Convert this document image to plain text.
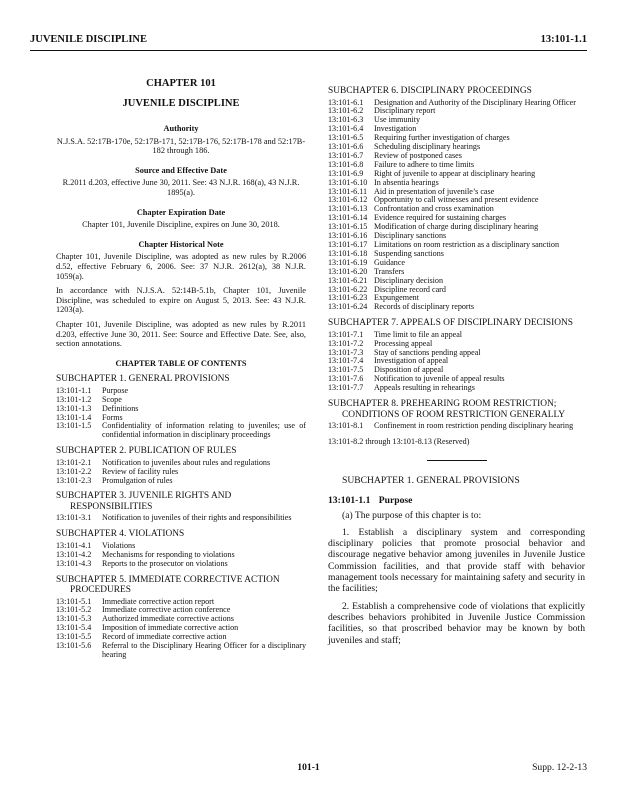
JUVENILE DISCIPLINE	13:101-1.1
CHAPTER 101
JUVENILE DISCIPLINE
Authority

N.J.S.A. 52:17B-170e, 52:17B-171, 52:17B-176, 52:17B-178 and 52:17B-182 through 186.

Source and Effective Date

R.2011 d.203, effective June 30, 2011. See: 43 N.J.R. 168(a), 43 N.J.R. 1895(a).

Chapter Expiration Date

Chapter 101, Juvenile Discipline, expires on June 30, 2018.

Chapter Historical Note

Chapter 101, Juvenile Discipline, was adopted as new rules by R.2006 d.52, effective February 6, 2006. See: 37 N.J.R. 2612(a), 38 N.J.R. 1059(a).

In accordance with N.J.S.A. 52:14B-5.1b, Chapter 101, Juvenile Discipline, was scheduled to expire on August 5, 2013. See: 43 N.J.R. 1203(a).

Chapter 101, Juvenile Discipline, was adopted as new rules by R.2011 d.203, effective June 30, 2011. See: Source and Effective Date. See, also, section annotations.

CHAPTER TABLE OF CONTENTS
SUBCHAPTER 1. GENERAL PROVISIONS
13:101-1.1	Purpose
13:101-1.2	Scope
13:101-1.3	Definitions
13:101-1.4	Forms
13:101-1.5	Confidentiality of information relating to juveniles; use of confidential information in disciplinary proceedings
SUBCHAPTER 2. PUBLICATION OF RULES
13:101-2.1	Notification to juveniles about rules and regulations
13:101-2.2	Review of facility rules
13:101-2.3	Promulgation of rules
SUBCHAPTER 3. JUVENILE RIGHTS AND RESPONSIBILITIES
13:101-3.1	Notification to juveniles of their rights and responsibilities
SUBCHAPTER 4. VIOLATIONS
13:101-4.1	Violations
13:101-4.2	Mechanisms for responding to violations
13:101-4.3	Reports to the prosecutor on violations
SUBCHAPTER 5. IMMEDIATE CORRECTIVE ACTION PROCEDURES
13:101-5.1	Immediate corrective action report
13:101-5.2	Immediate corrective action conference
13:101-5.3	Authorized immediate corrective actions
13:101-5.4	Imposition of immediate corrective action
13:101-5.5	Record of immediate corrective action
13:101-5.6	Referral to the Disciplinary Hearing Officer for a disciplinary hearing
SUBCHAPTER 6. DISCIPLINARY PROCEEDINGS
13:101-6.1	Designation and Authority of the Disciplinary Hearing Officer
13:101-6.2	Disciplinary report
13:101-6.3	Use immunity
13:101-6.4	Investigation
13:101-6.5	Requiring further investigation of charges
13:101-6.6	Scheduling disciplinary hearings
13:101-6.7	Review of postponed cases
13:101-6.8	Failure to adhere to time limits
13:101-6.9	Right of juvenile to appear at disciplinary hearing
13:101-6.10	In absentia hearings
13:101-6.11	Aid in presentation of juvenile’s case
13:101-6.12	Opportunity to call witnesses and present evidence
13:101-6.13	Confrontation and cross examination
13:101-6.14	Evidence required for sustaining charges
13:101-6.15	Modification of charge during disciplinary hearing
13:101-6.16	Disciplinary sanctions
13:101-6.17	Limitations on room restriction as a disciplinary sanction
13:101-6.18	Suspending sanctions
13:101-6.19	Guidance
13:101-6.20	Transfers
13:101-6.21	Disciplinary decision
13:101-6.22	Discipline record card
13:101-6.23	Expungement
13:101-6.24	Records of disciplinary reports
SUBCHAPTER 7. APPEALS OF DISCIPLINARY DECISIONS
13:101-7.1	Time limit to file an appeal
13:101-7.2	Processing appeal
13:101-7.3	Stay of sanctions pending appeal
13:101-7.4	Investigation of appeal
13:101-7.5	Disposition of appeal
13:101-7.6	Notification to juvenile of appeal results
13:101-7.7	Appeals resulting in rehearings
SUBCHAPTER 8. PREHEARING ROOM RESTRICTION; CONDITIONS OF ROOM RESTRICTION GENERALLY
13:101-8.1	Confinement in room restriction pending disciplinary hearing
13:101-8.2 through 13:101-8.13 (Reserved)
SUBCHAPTER 1. GENERAL PROVISIONS
13:101-1.1 Purpose

(a) The purpose of this chapter is to:

1. Establish a disciplinary system and corresponding disciplinary policies that promote prosocial behavior and discourage negative behavior among juveniles in Juvenile Justice Commission facilities, and that provide staff with behavior management tools necessary for maintaining safety and security in the facilities;

2. Establish a comprehensive code of violations that explicitly describes behaviors prohibited in Juvenile Justice Commission facilities, so that proscribed behavior may be known by both juveniles and staff;

101-1	Supp. 12-2-13
